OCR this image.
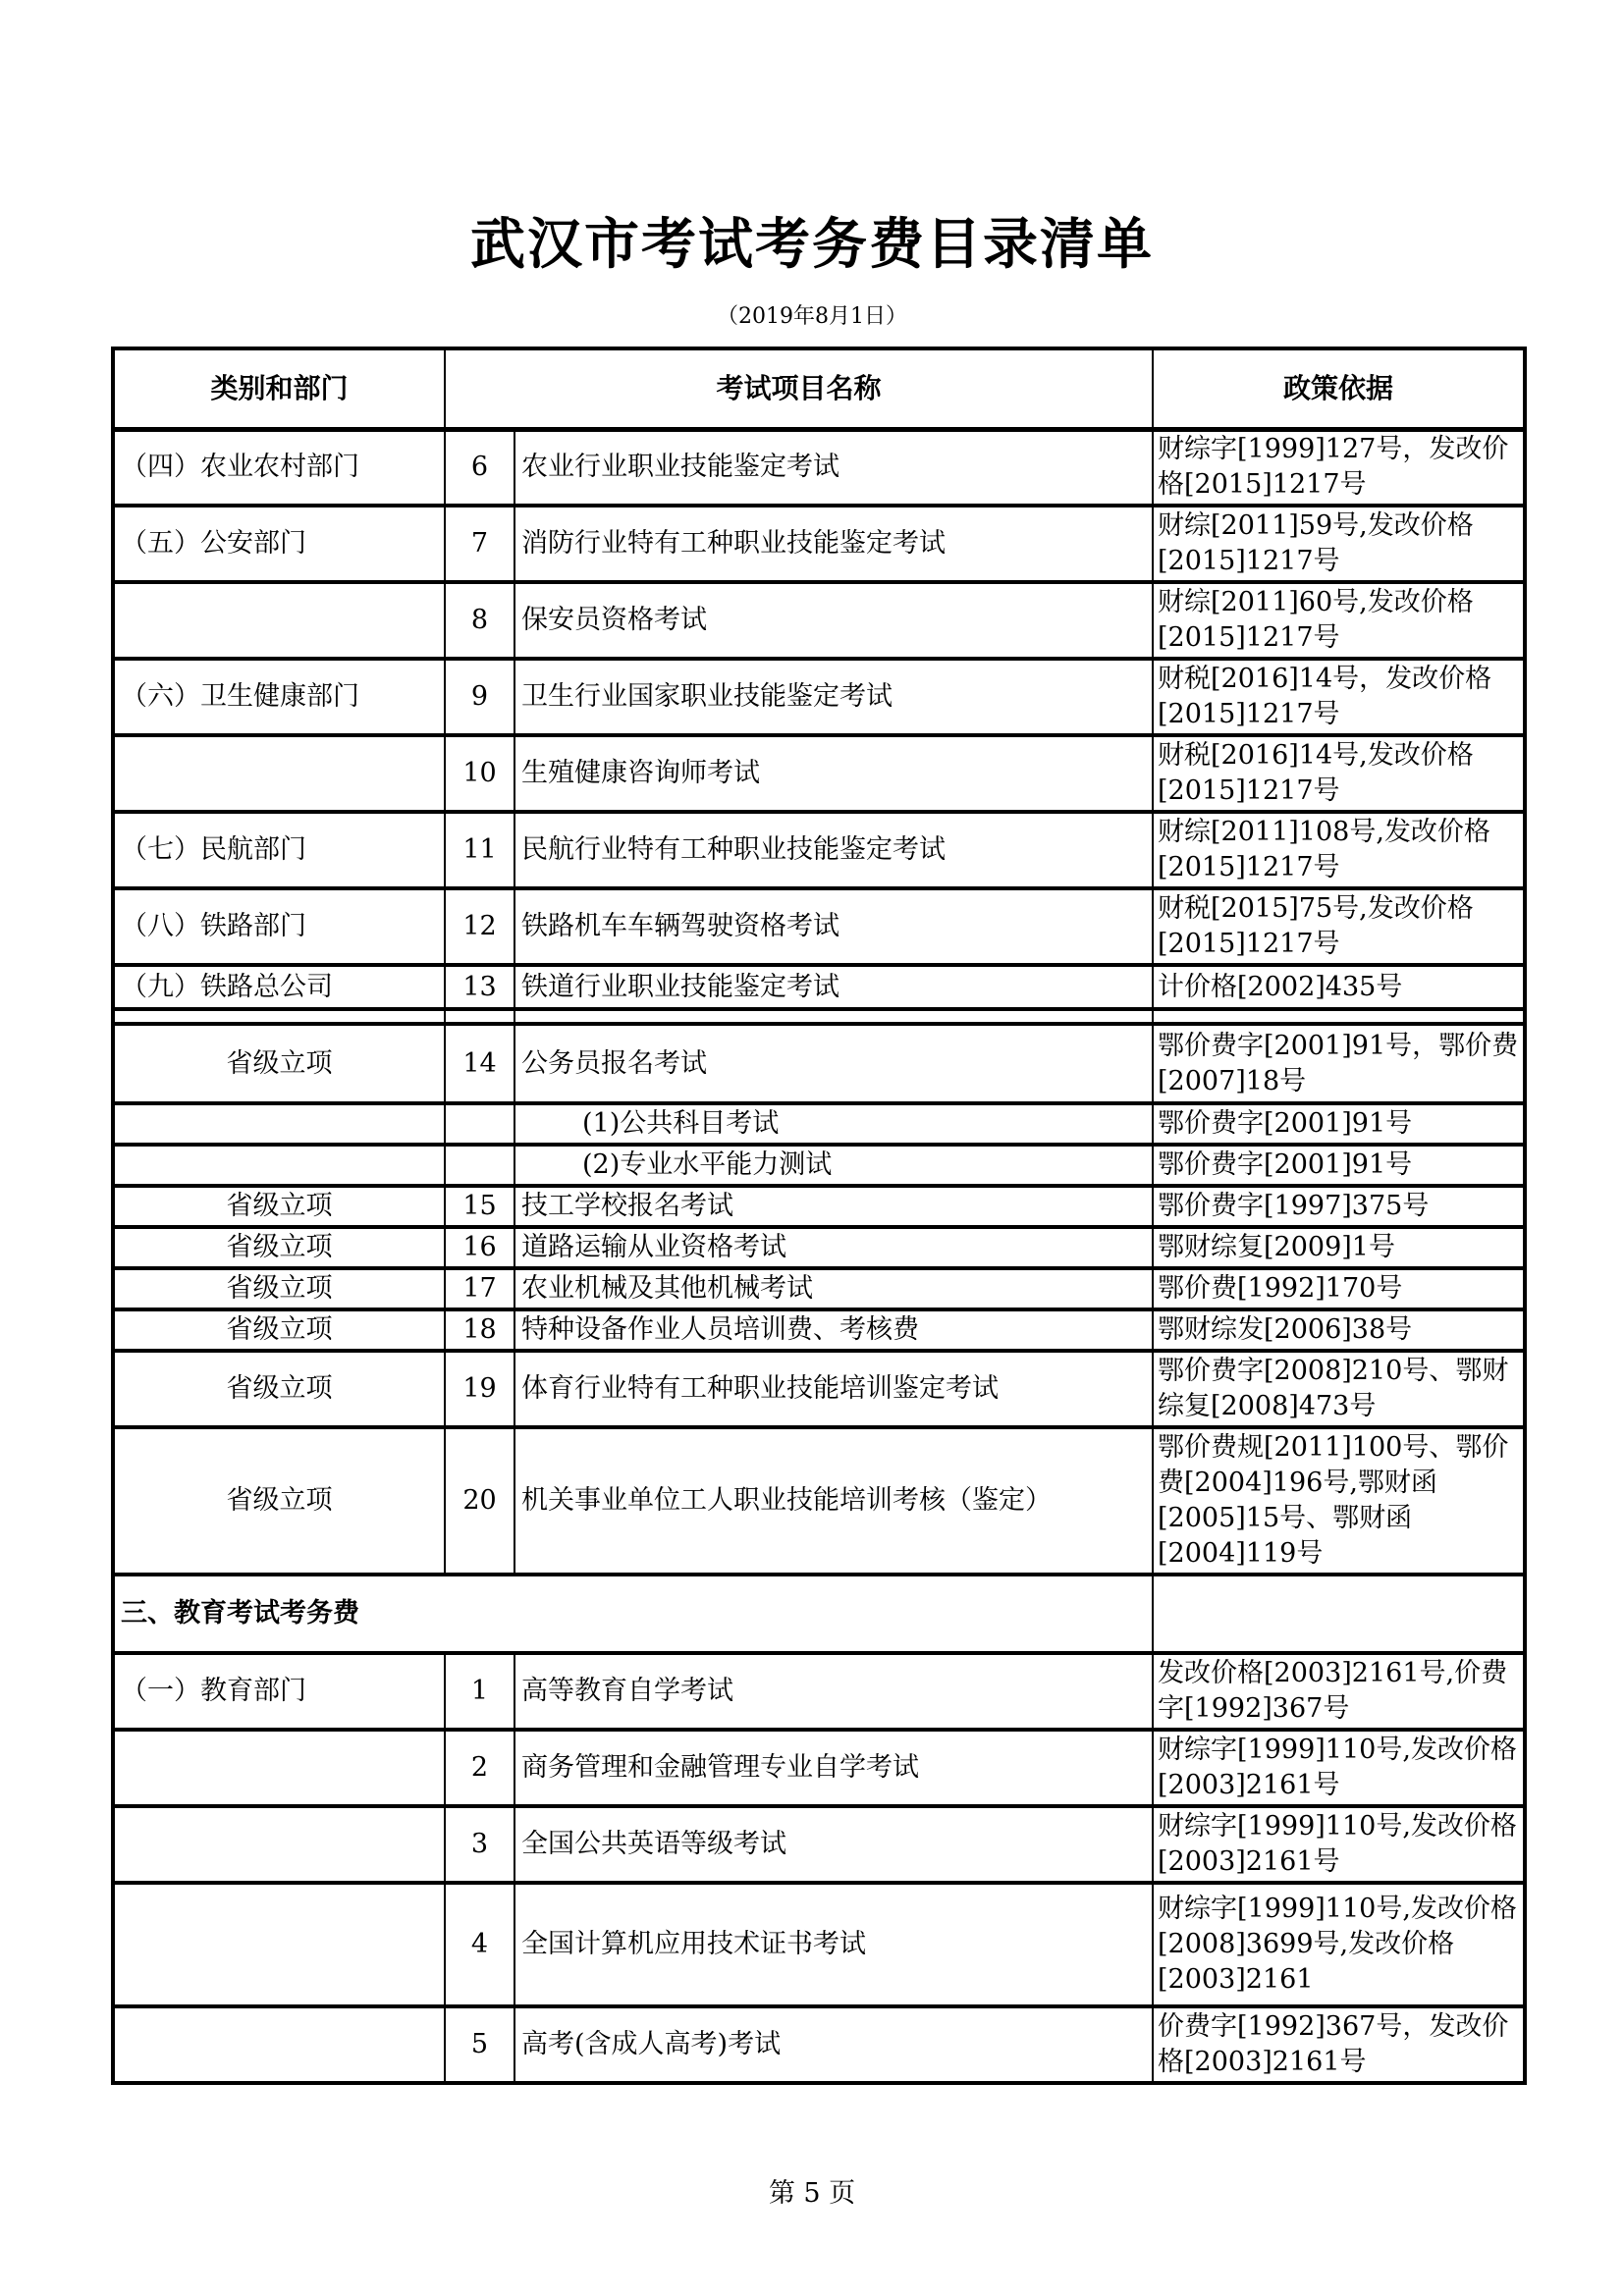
武汉市考试考务费目录清单
（2019年8月1日）
类别和部门	考试项目名称		政策依据
（四）农业农村部门	6	农业行业职业技能鉴定考试	财综字[1999]127号，发改价格[2015]1217号
（五）公安部门	7	消防行业特有工种职业技能鉴定考试	财综[2011]59号,发改价格[2015]1217号
	8	保安员资格考试	财综[2011]60号,发改价格[2015]1217号
（六）卫生健康部门	9	卫生行业国家职业技能鉴定考试	财税[2016]14号，发改价格[2015]1217号
	10	生殖健康咨询师考试	财税[2016]14号,发改价格[2015]1217号
（七）民航部门	11	民航行业特有工种职业技能鉴定考试	财综[2011]108号,发改价格[2015]1217号
（八）铁路部门	12	铁路机车车辆驾驶资格考试	财税[2015]75号,发改价格[2015]1217号
（九）铁路总公司	13	铁道行业职业技能鉴定考试	计价格[2002]435号

省级立项	14	公务员报名考试	鄂价费字[2001]91号，鄂价费[2007]18号
		(1)公共科目考试	鄂价费字[2001]91号
		(2)专业水平能力测试	鄂价费字[2001]91号
省级立项	15	技工学校报名考试	鄂价费字[1997]375号
省级立项	16	道路运输从业资格考试	鄂财综复[2009]1号
省级立项	17	农业机械及其他机械考试	鄂价费[1992]170号
省级立项	18	特种设备作业人员培训费、考核费	鄂财综发[2006]38号
省级立项	19	体育行业特有工种职业技能培训鉴定考试	鄂价费字[2008]210号、鄂财综复[2008]473号
省级立项	20	机关事业单位工人职业技能培训考核（鉴定）	鄂价费规[2011]100号、鄂价费[2004]196号,鄂财函[2005]15号、鄂财函[2004]119号
三、教育考试考务费			
（一）教育部门	1	高等教育自学考试	发改价格[2003]2161号,价费字[1992]367号
	2	商务管理和金融管理专业自学考试	财综字[1999]110号,发改价格[2003]2161号
	3	全国公共英语等级考试	财综字[1999]110号,发改价格[2003]2161号
	4	全国计算机应用技术证书考试	财综字[1999]110号,发改价格[2008]3699号,发改价格[2003]2161
	5	高考(含成人高考)考试	价费字[1992]367号，发改价格[2003]2161号
第 5 页
